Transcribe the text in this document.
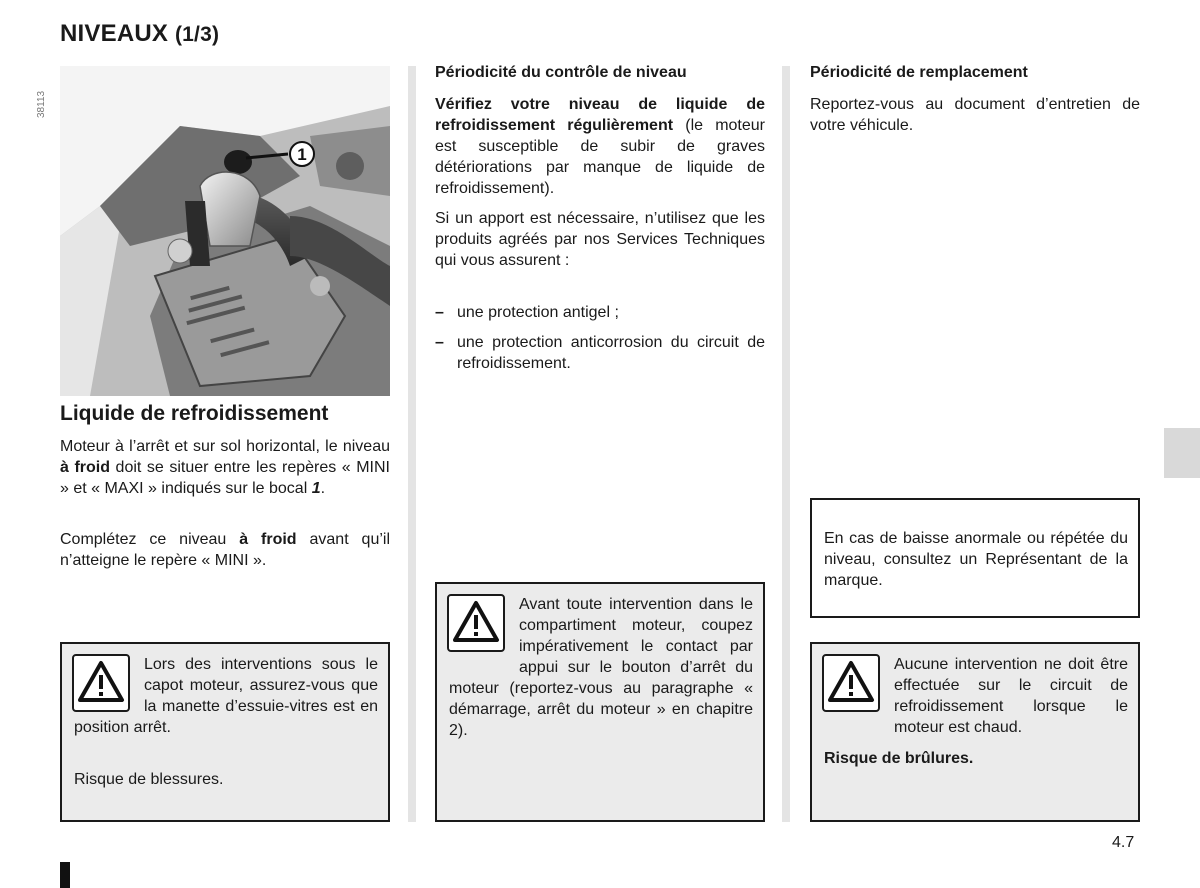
NIVEAUX (1/3)
38113
1
Liquide de refroidissement
Moteur à l’arrêt et sur sol horizontal, le niveau à froid doit se situer entre les repères « MINI » et « MAXI » indiqués sur le bocal 1.
Complétez ce niveau à froid avant qu’il n’atteigne le repère « MINI ».
Lors des interventions sous le capot moteur, assurez-vous que la manette d’essuie-vitres est en position arrêt.
Risque de blessures.
Périodicité du contrôle de niveau
Vérifiez votre niveau de liquide de refroidissement régulièrement (le moteur est susceptible de subir de graves détériorations par manque de liquide de refroidissement).
Si un apport est nécessaire, n’utilisez que les produits agréés par nos Services Techniques qui vous assurent :
– une protection antigel ;
– une protection anticorrosion du circuit de refroidissement.
Avant toute intervention dans le compartiment moteur, coupez impérativement le contact par appui sur le bouton d’arrêt du moteur (reportez-vous au paragraphe « démarrage, arrêt du moteur » en chapitre 2).
Périodicité de remplacement
Reportez-vous au document d’entretien de votre véhicule.
En cas de baisse anormale ou répétée du niveau, consultez un Représentant de la marque.
Aucune intervention ne doit être effectuée sur le circuit de refroidissement lorsque le moteur est chaud.
Risque de brûlures.
4.7
